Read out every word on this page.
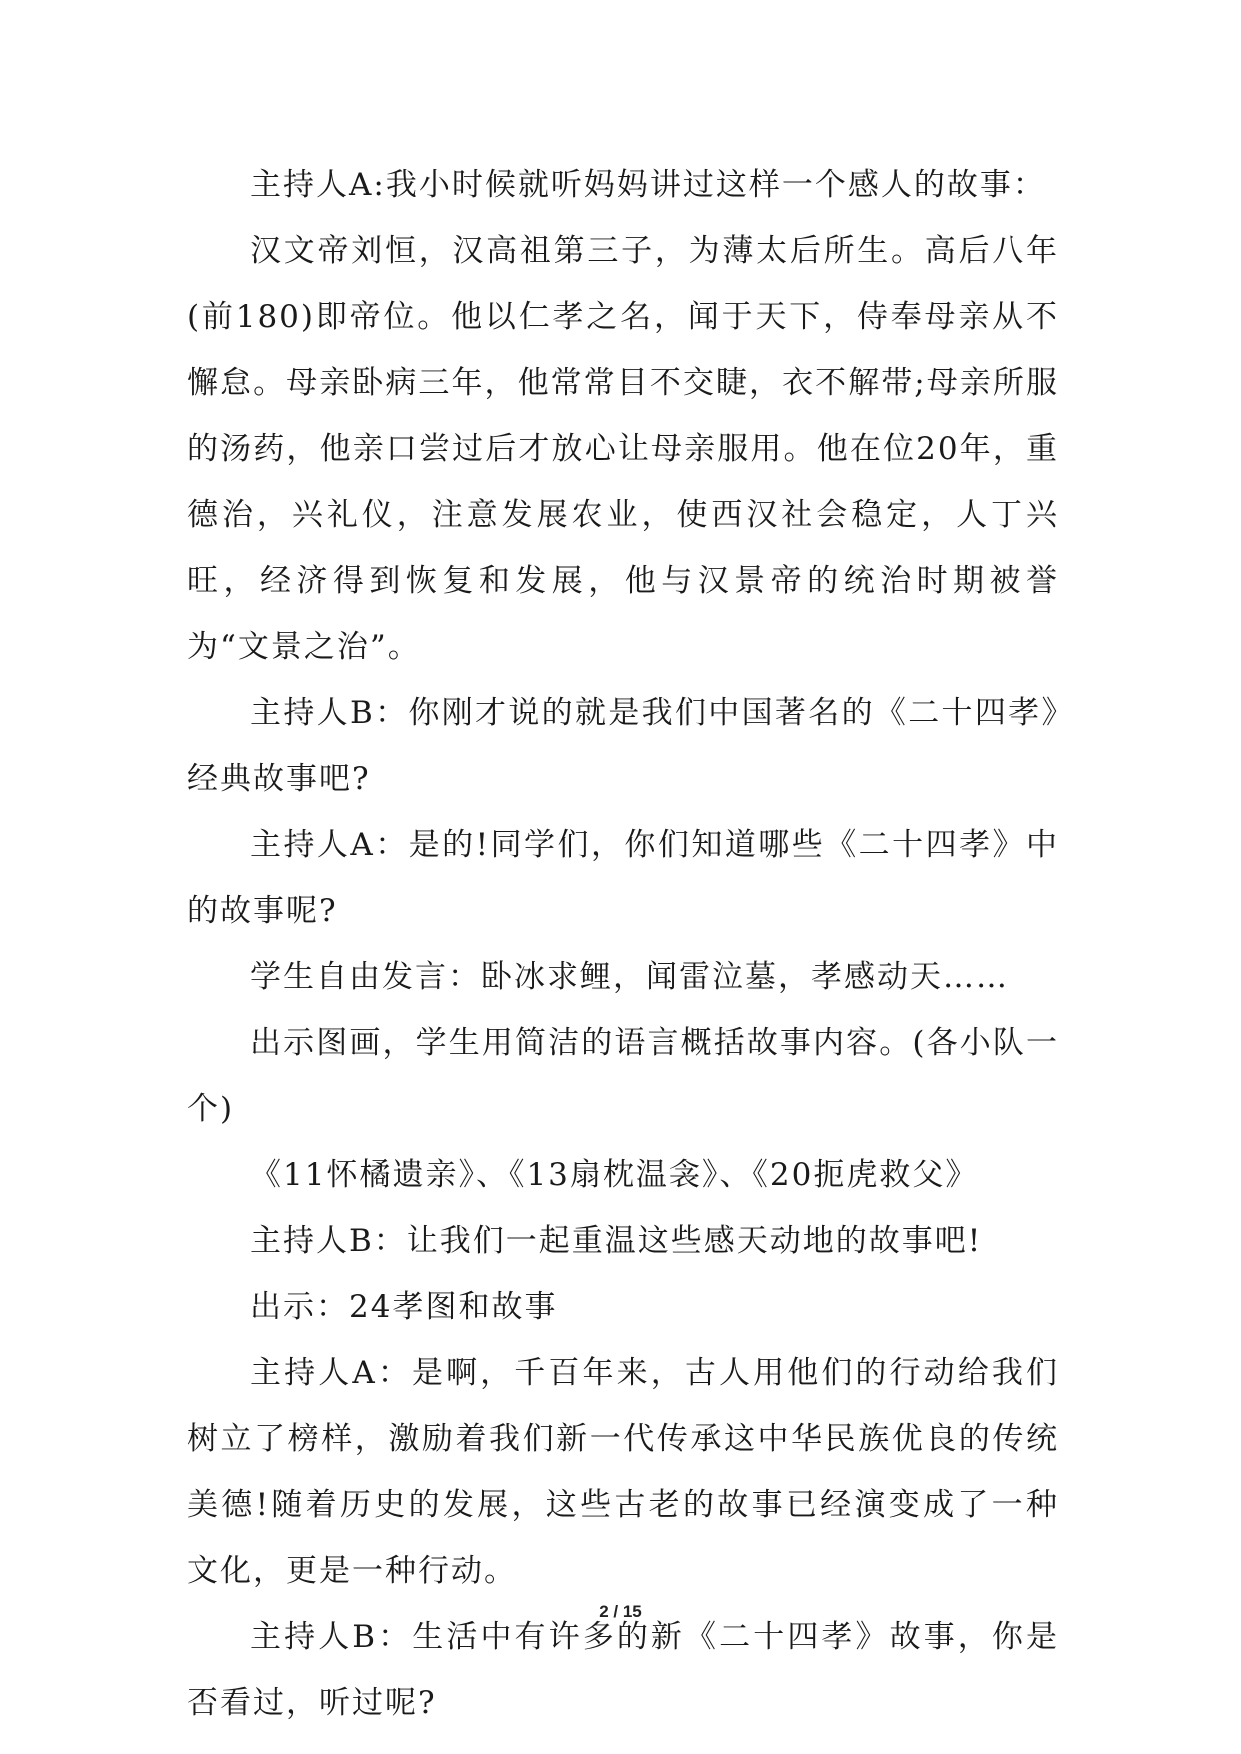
主持人A:我小时候就听妈妈讲过这样一个感人的故事：

汉文帝刘恒，汉高祖第三子，为薄太后所生。高后八年(前180)即帝位。他以仁孝之名，闻于天下，侍奉母亲从不懈怠。母亲卧病三年，他常常目不交睫，衣不解带;母亲所服的汤药，他亲口尝过后才放心让母亲服用。他在位20年，重德治，兴礼仪，注意发展农业，使西汉社会稳定，人丁兴旺，经济得到恢复和发展，他与汉景帝的统治时期被誉为“文景之治”。

主持人B：你刚才说的就是我们中国著名的《二十四孝》经典故事吧?

主持人A：是的!同学们，你们知道哪些《二十四孝》中的故事呢?

学生自由发言：卧冰求鲤，闻雷泣墓，孝感动天……

出示图画，学生用简洁的语言概括故事内容。(各小队一个)

《11怀橘遗亲》、《13扇枕温衾》、《20扼虎救父》

主持人B：让我们一起重温这些感天动地的故事吧!

出示：24孝图和故事

主持人A：是啊，千百年来，古人用他们的行动给我们树立了榜样，激励着我们新一代传承这中华民族优良的传统美德!随着历史的发展，这些古老的故事已经演变成了一种文化，更是一种行动。

主持人B：生活中有许多的新《二十四孝》故事，你是否看过，听过呢?

2 / 15
